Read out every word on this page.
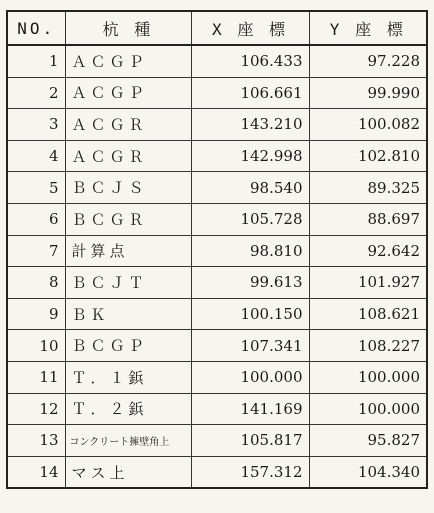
NO.	杭 種	X 座 標	Y 座 標
1	ＡＣＧＰ	106.433	97.228
2	ＡＣＧＰ	106.661	99.990
3	ＡＣＧＲ	143.210	100.082
4	ＡＣＧＲ	142.998	102.810
5	ＢＣＪＳ	98.540	89.325
6	ＢＣＧＲ	105.728	88.697
7	計算点	98.810	92.642
8	ＢＣＪＴ	99.613	101.927
9	ＢＫ	100.150	108.621
10	ＢＣＧＰ	107.341	108.227
11	Ｔ．１鋲	100.000	100.000
12	Ｔ．２鋲	141.169	100.000
13	コンクリート擁壁角上	105.817	95.827
14	マス上	157.312	104.340
